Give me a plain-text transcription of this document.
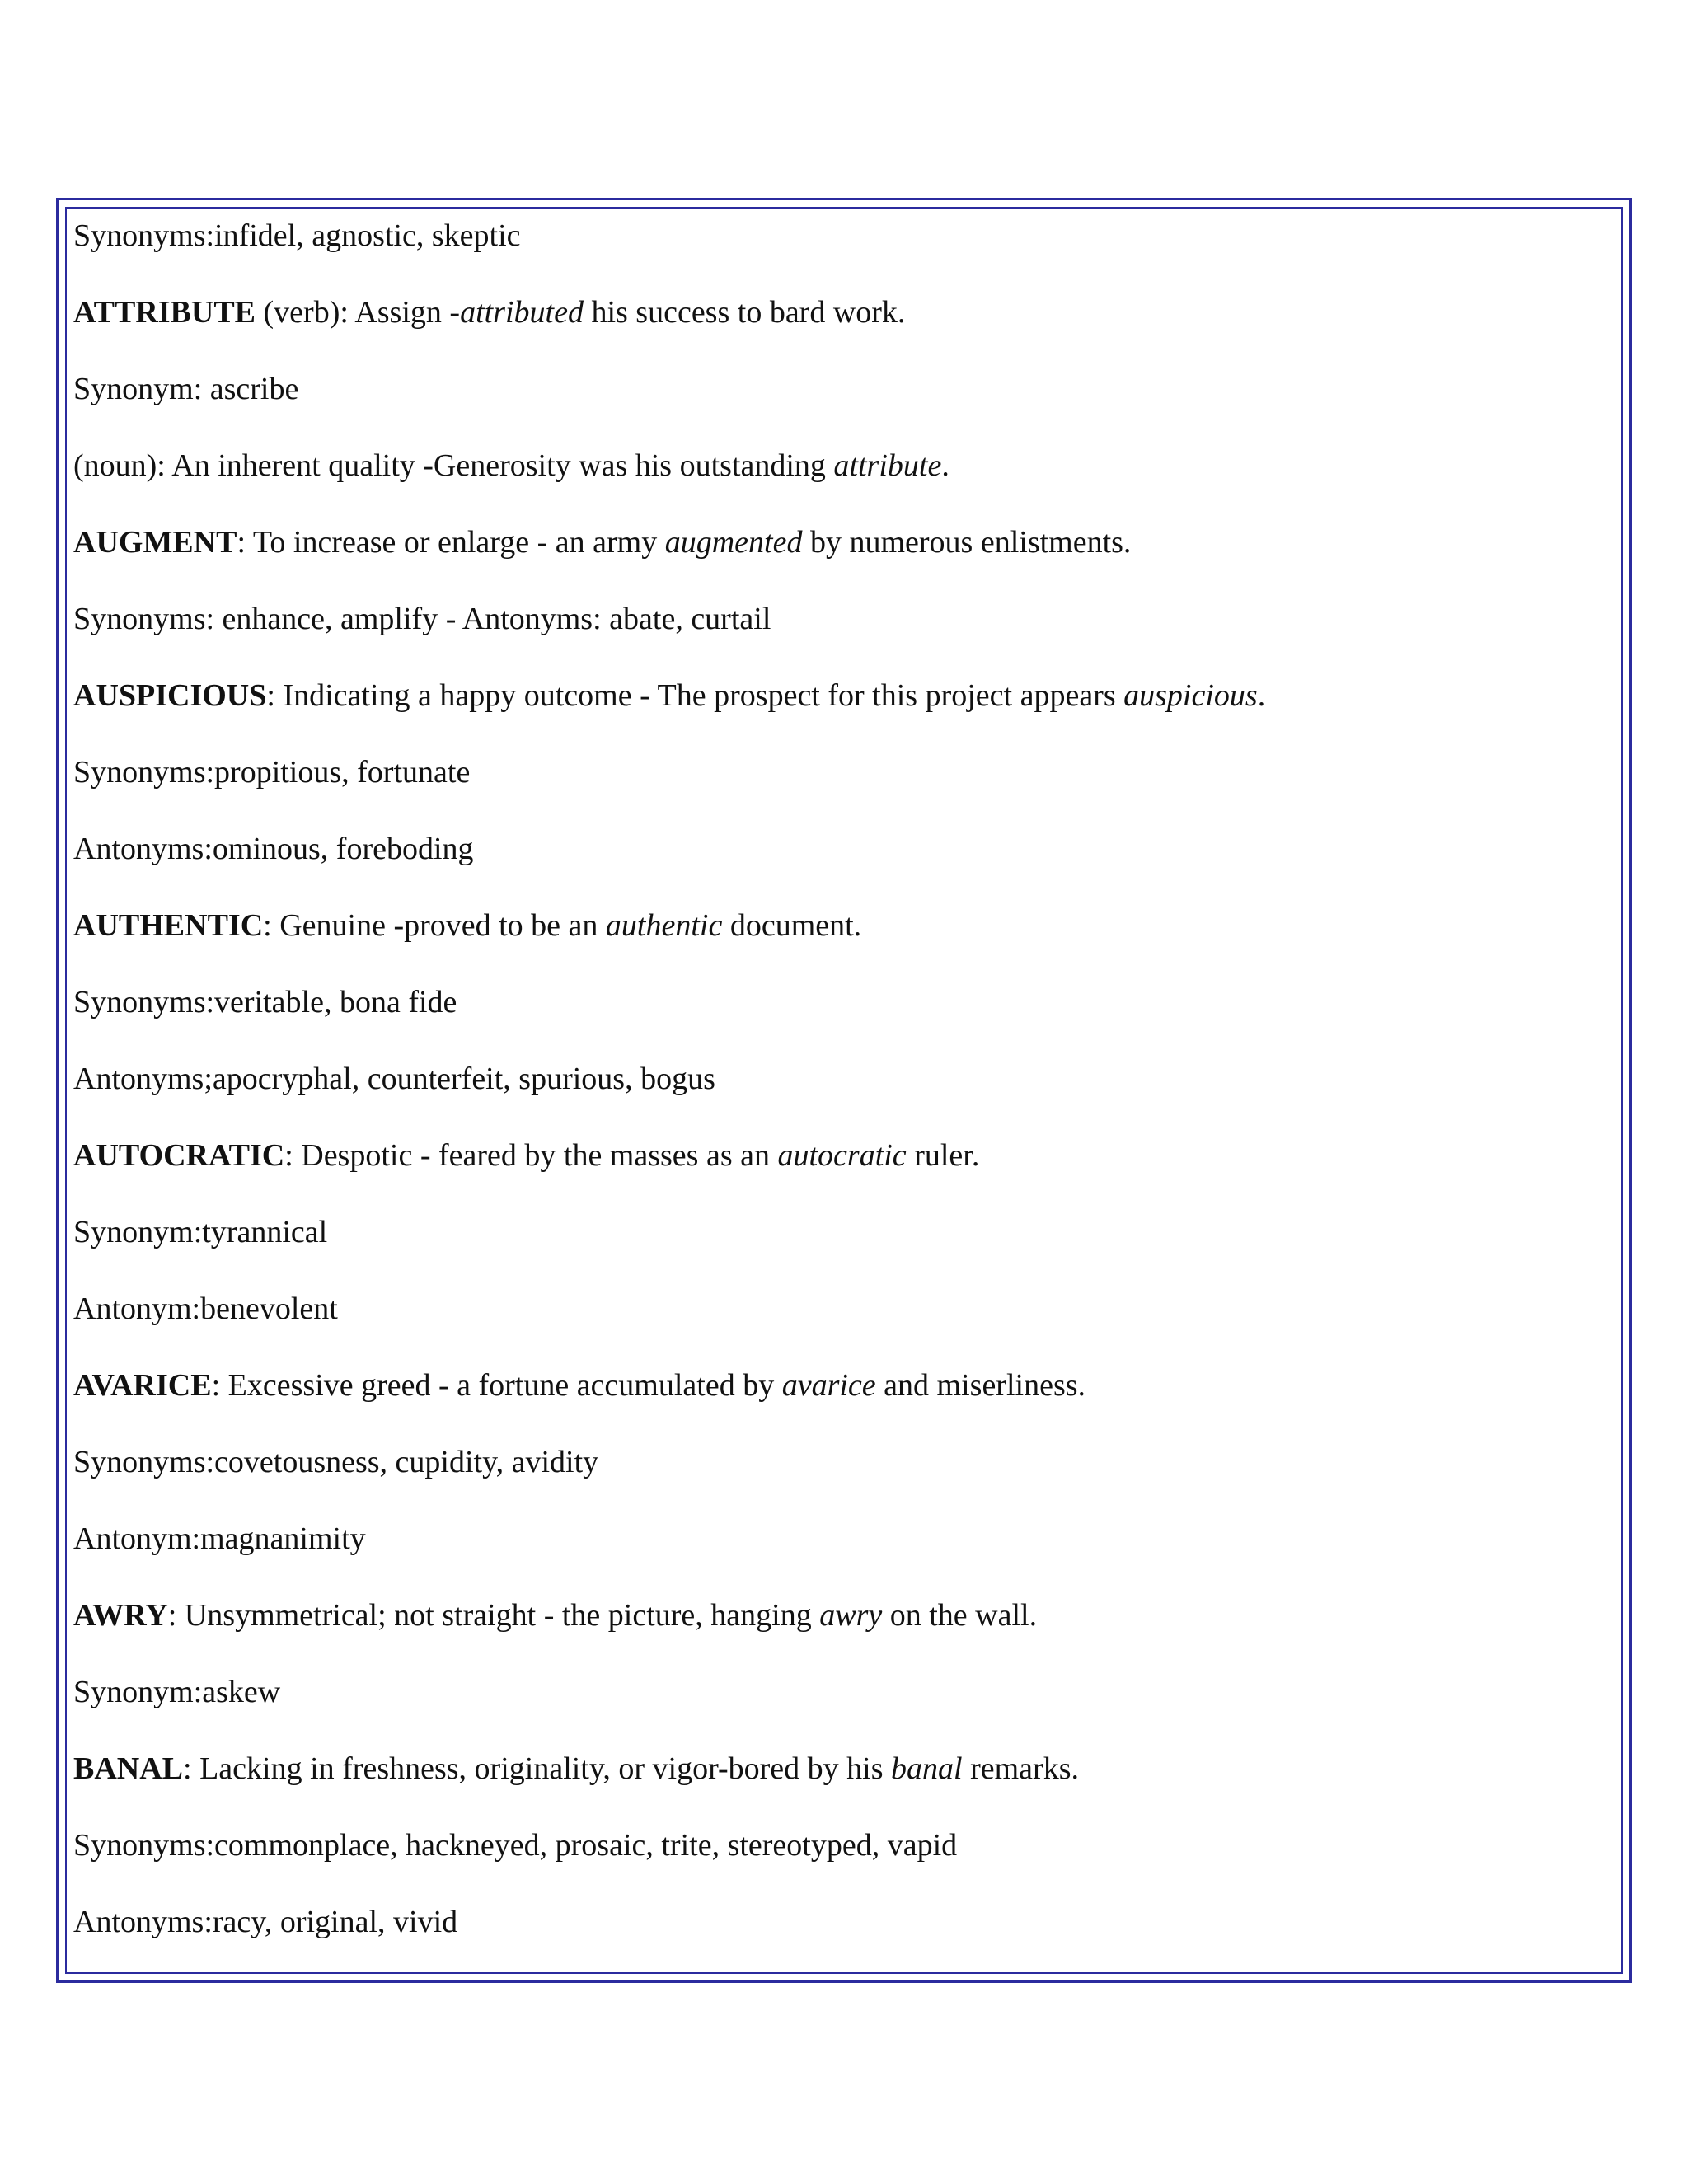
Synonyms:infidel, agnostic, skeptic

ATTRIBUTE (verb): Assign -attributed his success to bard work.

Synonym: ascribe

(noun): An inherent quality -Generosity was his outstanding attribute.

AUGMENT: To increase or enlarge - an army augmented by numerous enlistments.

Synonyms: enhance, amplify - Antonyms: abate, curtail

AUSPICIOUS: Indicating a happy outcome - The prospect for this project appears auspicious.

Synonyms:propitious, fortunate

Antonyms:ominous, foreboding

AUTHENTIC: Genuine -proved to be an authentic document.

Synonyms:veritable, bona fide

Antonyms;apocryphal, counterfeit, spurious, bogus

AUTOCRATIC: Despotic - feared by the masses as an autocratic ruler.

Synonym:tyrannical

Antonym:benevolent

AVARICE: Excessive greed - a fortune accumulated by avarice and miserliness.

Synonyms:covetousness, cupidity, avidity

Antonym:magnanimity

AWRY: Unsymmetrical; not straight - the picture, hanging awry on the wall.

Synonym:askew

BANAL: Lacking in freshness, originality, or vigor-bored by his banal remarks.

Synonyms:commonplace, hackneyed, prosaic, trite, stereotyped, vapid

Antonyms:racy, original, vivid
